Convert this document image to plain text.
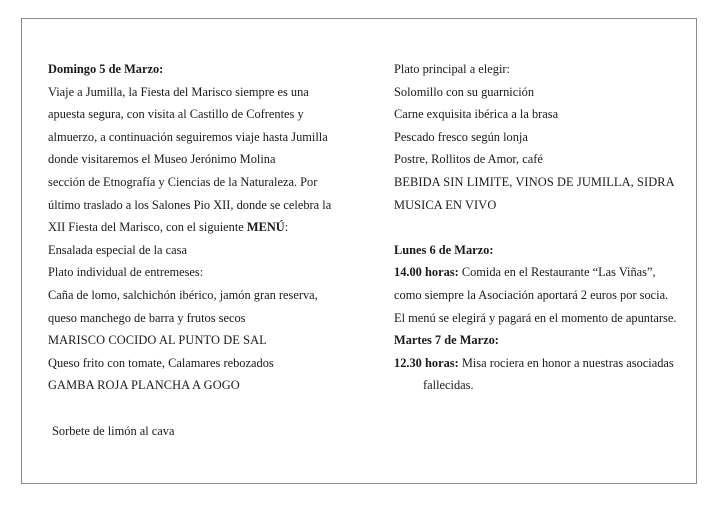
Domingo 5 de Marzo:
Viaje a Jumilla, la Fiesta del Marisco siempre es una
apuesta segura, con visita al Castillo de Cofrentes y
almuerzo, a continuación seguiremos viaje hasta Jumilla
donde visitaremos el Museo Jerónimo Molina
sección de Etnografía y Ciencias de la Naturaleza. Por
último traslado a los Salones Pio XII, donde se celebra la
XII Fiesta del Marisco, con el siguiente MENÚ:
Ensalada especial de la casa
Plato individual de entremeses:
Caña de lomo, salchichón ibérico, jamón gran reserva,
queso manchego de barra y frutos secos
MARISCO COCIDO AL PUNTO DE SAL
Queso frito con tomate, Calamares rebozados
GAMBA ROJA PLANCHA A GOGO
Sorbete de limón al cava
Plato principal a elegir:
Solomillo con su guarnición
Carne exquisita ibérica a la brasa
Pescado fresco según lonja
Postre, Rollitos de Amor, café
BEBIDA SIN LIMITE, VINOS DE JUMILLA, SIDRA
MUSICA EN VIVO
Lunes 6 de Marzo:
14.00 horas: Comida en el Restaurante “Las Viñas”,
como siempre la Asociación aportará 2 euros por socia.
El menú se elegirá y pagará en el momento de apuntarse.
Martes 7 de Marzo:
12.30 horas: Misa rociera en honor a nuestras asociadas
fallecidas.
